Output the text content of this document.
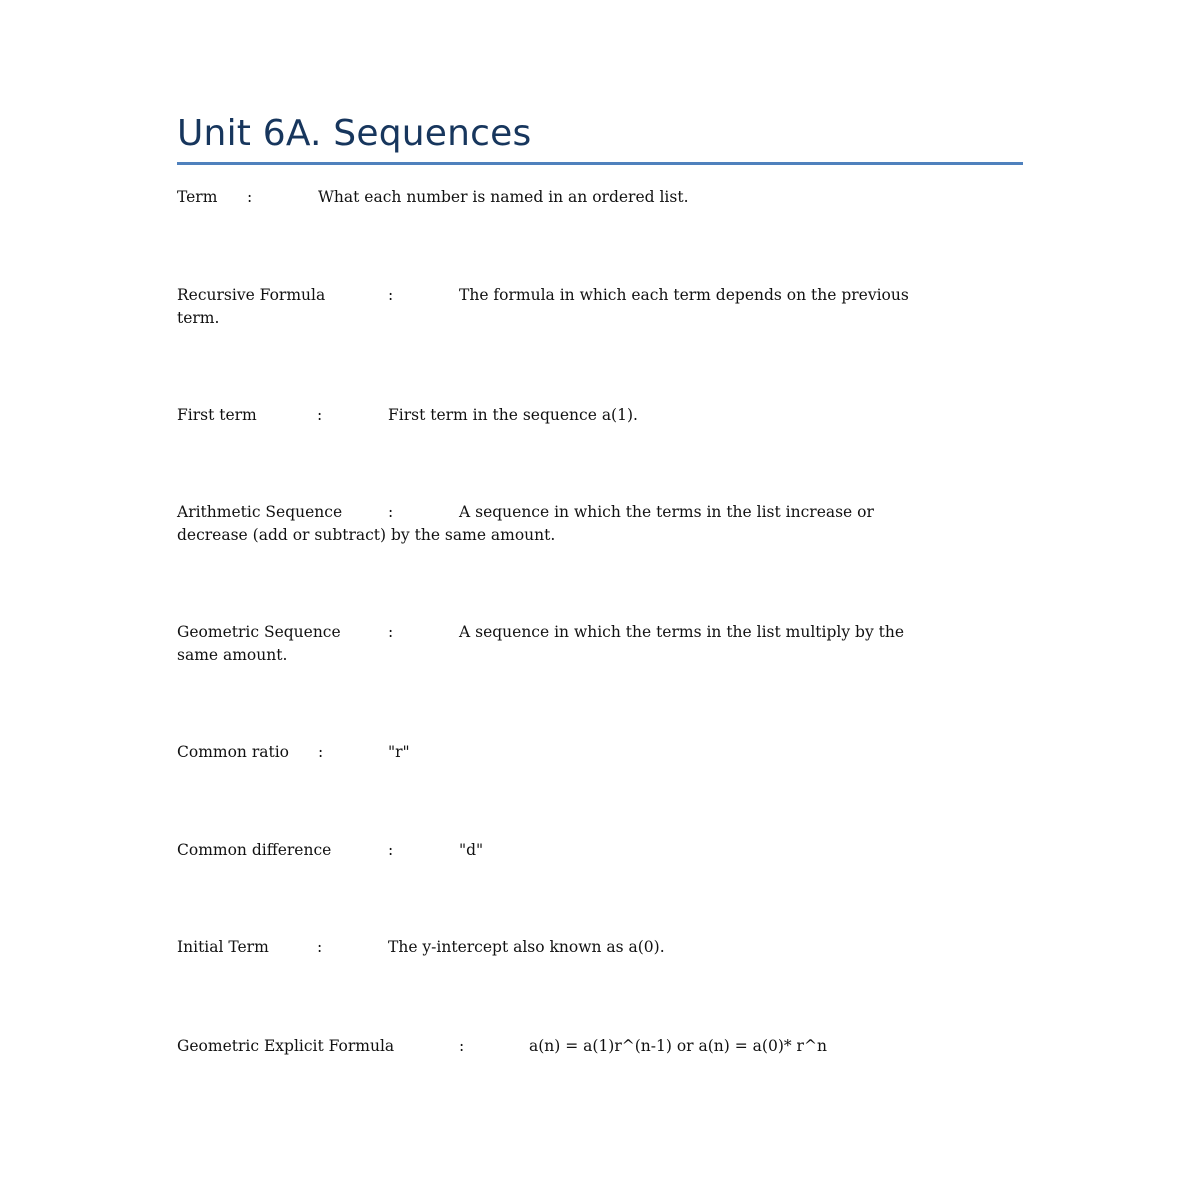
Unit 6A. Sequences
Term :	What each number is named in an ordered list.
Recursive Formula	:	The formula in which each term depends on the previous
term.
First term	:	First term in the sequence a(1).
Arithmetic Sequence	:	A sequence in which the terms in the list increase or
decrease (add or subtract) by the same amount.
Geometric Sequence	:	A sequence in which the terms in the list multiply by the
same amount.
Common ratio :	"r"
Common difference	:	"d"
Initial Term	:	The y-intercept also known as a(0).
Geometric Explicit Formula	:	a(n) = a(1)r^(n-1) or a(n) = a(0)* r^n
